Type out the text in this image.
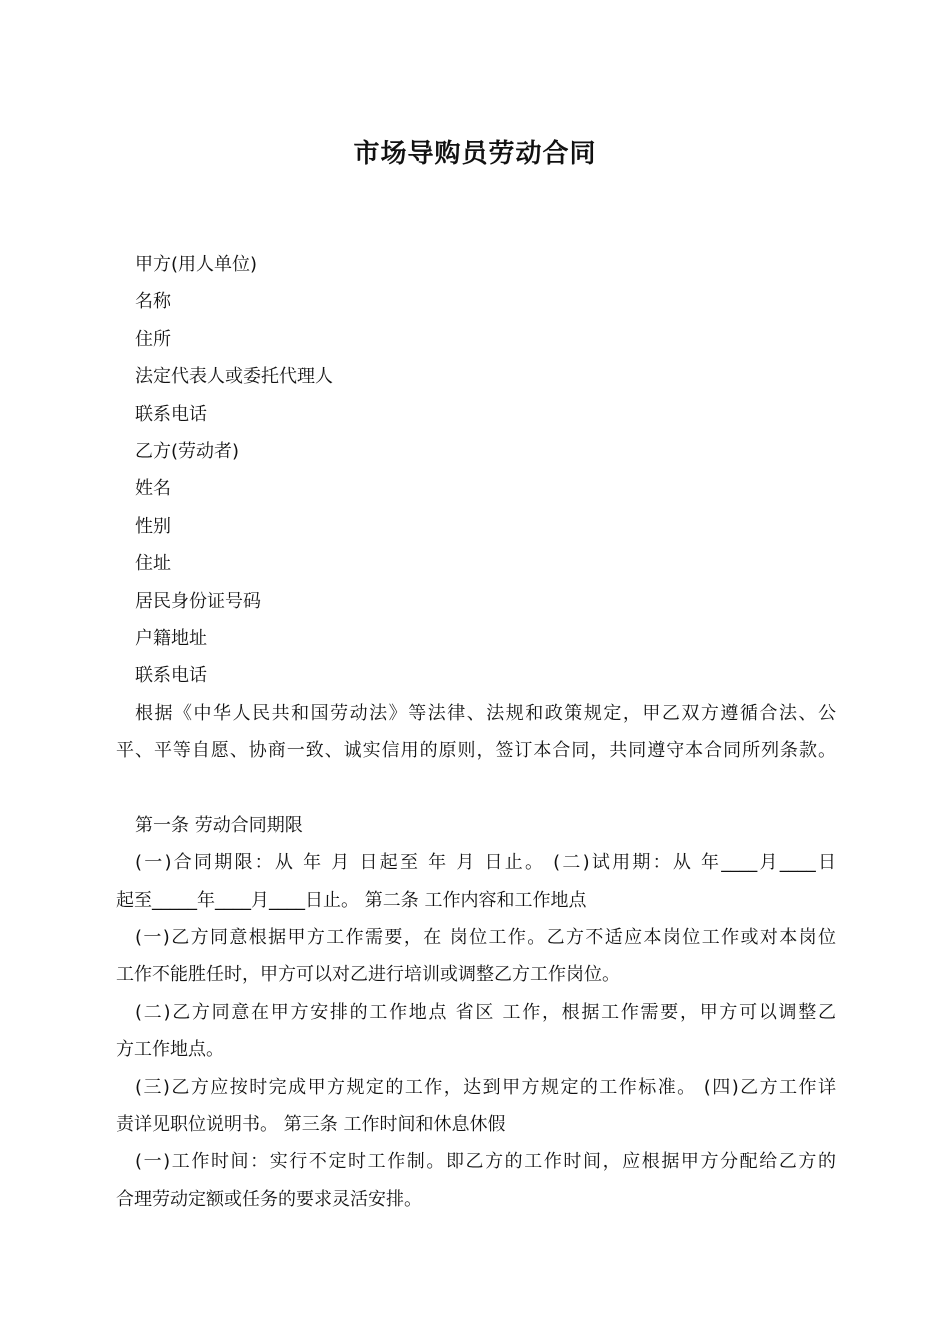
市场导购员劳动合同
甲方(用人单位)
名称
住所
法定代表人或委托代理人
联系电话
乙方(劳动者)
姓名
性别
住址
居民身份证号码
户籍地址
联系电话
根据《中华人民共和国劳动法》等法律、法规和政策规定，甲乙双方遵循合法、公
平、平等自愿、协商一致、诚实信用的原则，签订本合同，共同遵守本合同所列条款。
第一条 劳动合同期限
(一)合同期限：从 年 月 日起至 年 月 日止。 (二)试用期：从 年____月____日
起至_____年____月____日止。 第二条 工作内容和工作地点
(一)乙方同意根据甲方工作需要，在 岗位工作。乙方不适应本岗位工作或对本岗位
工作不能胜任时，甲方可以对乙进行培训或调整乙方工作岗位。
(二)乙方同意在甲方安排的工作地点 省区 工作，根据工作需要，甲方可以调整乙
方工作地点。
(三)乙方应按时完成甲方规定的工作，达到甲方规定的工作标准。 (四)乙方工作详
责详见职位说明书。 第三条 工作时间和休息休假
(一)工作时间：实行不定时工作制。即乙方的工作时间，应根据甲方分配给乙方的
合理劳动定额或任务的要求灵活安排。
